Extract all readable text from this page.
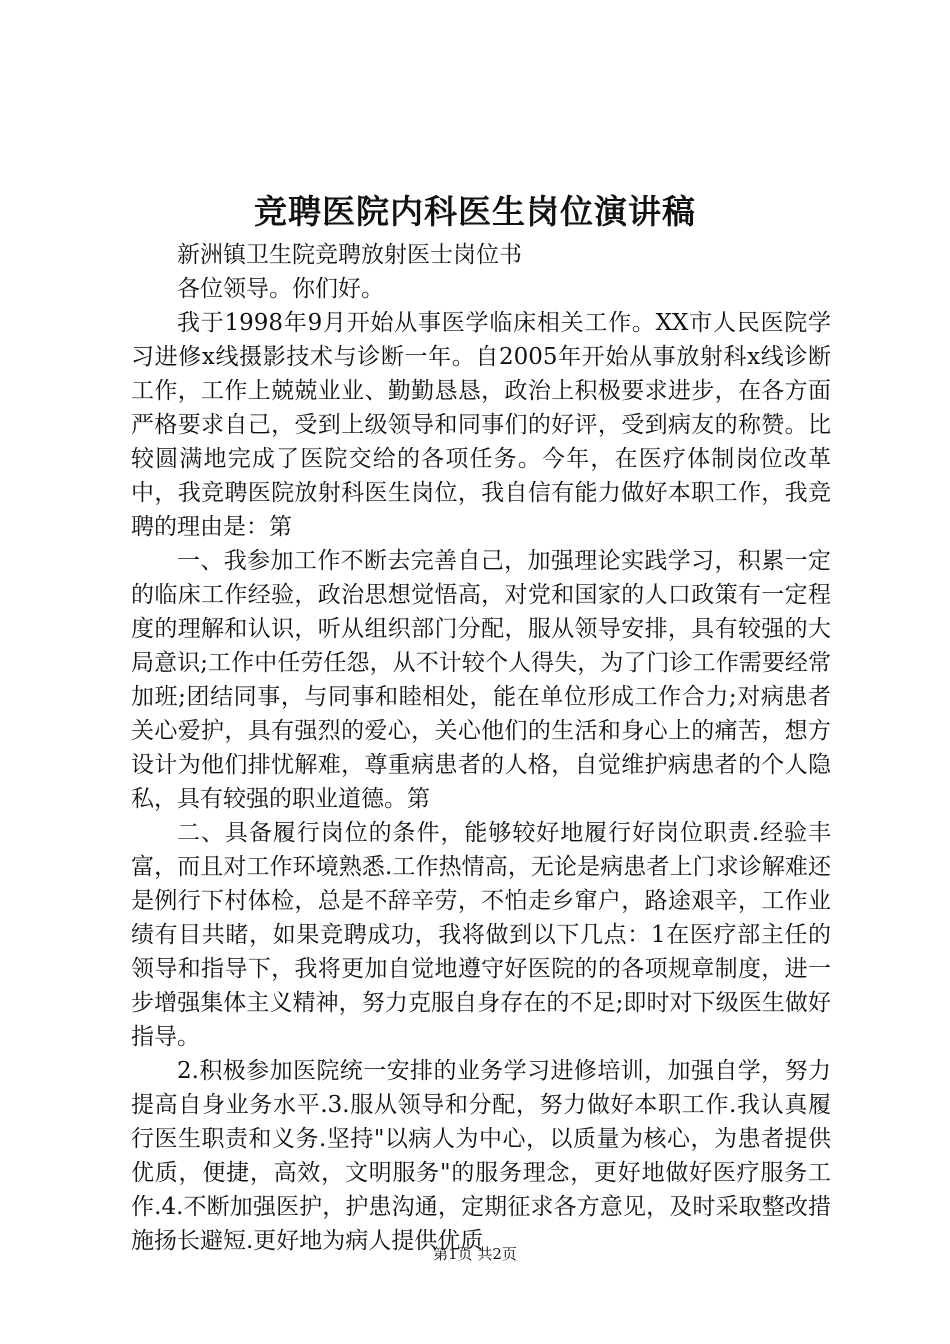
竞聘医院内科医生岗位演讲稿

新洲镇卫生院竞聘放射医士岗位书

各位领导。你们好。

我于1998年9月开始从事医学临床相关工作。XX市人民医院学习进修x线摄影技术与诊断一年。自2005年开始从事放射科x线诊断工作，工作上兢兢业业、勤勤恳恳，政治上积极要求进步，在各方面严格要求自己，受到上级领导和同事们的好评，受到病友的称赞。比较圆满地完成了医院交给的各项任务。今年，在医疗体制岗位改革中，我竞聘医院放射科医生岗位，我自信有能力做好本职工作，我竞聘的理由是：第

一、我参加工作不断去完善自己，加强理论实践学习，积累一定的临床工作经验，政治思想觉悟高，对党和国家的人口政策有一定程度的理解和认识，听从组织部门分配，服从领导安排，具有较强的大局意识;工作中任劳任怨，从不计较个人得失，为了门诊工作需要经常加班;团结同事，与同事和睦相处，能在单位形成工作合力;对病患者关心爱护，具有强烈的爱心，关心他们的生活和身心上的痛苦，想方设计为他们排忧解难，尊重病患者的人格，自觉维护病患者的个人隐私，具有较强的职业道德。第

二、具备履行岗位的条件，能够较好地履行好岗位职责.经验丰富，而且对工作环境熟悉.工作热情高，无论是病患者上门求诊解难还是例行下村体检，总是不辞辛劳，不怕走乡窜户，路途艰辛，工作业绩有目共睹，如果竞聘成功，我将做到以下几点：1在医疗部主任的领导和指导下，我将更加自觉地遵守好医院的的各项规章制度，进一步增强集体主义精神，努力克服自身存在的不足;即时对下级医生做好指导。

2.积极参加医院统一安排的业务学习进修培训，加强自学，努力提高自身业务水平.3.服从领导和分配，努力做好本职工作.我认真履行医生职责和义务.坚持"以病人为中心，以质量为核心，为患者提供优质，便捷，高效，文明服务"的服务理念，更好地做好医疗服务工作.4.不断加强医护，护患沟通，定期征求各方意见，及时采取整改措施扬长避短.更好地为病人提供优质

第1页 共2页
